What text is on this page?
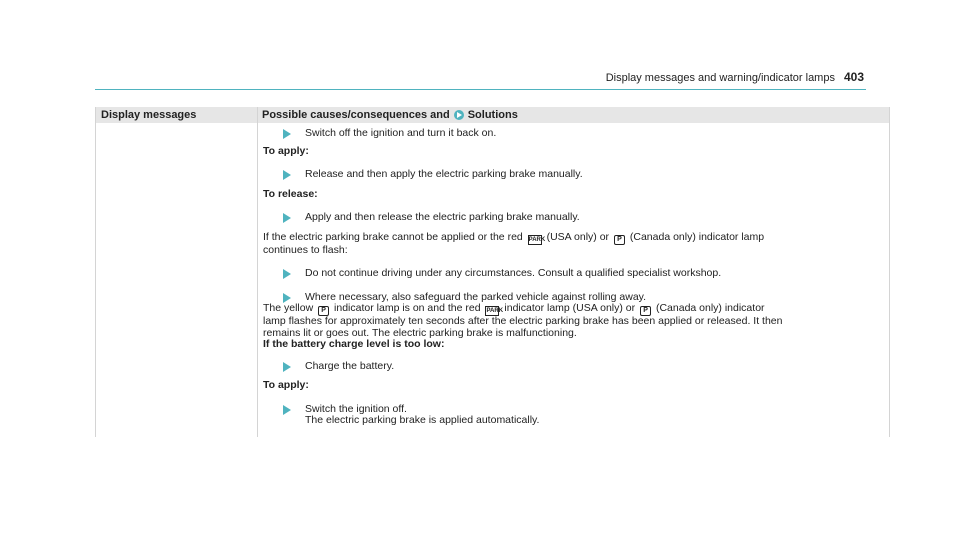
Display messages and warning/indicator lamps 403
Display messages	Possible causes/consequences and Solutions
Switch off the ignition and turn it back on.

To apply:

Release and then apply the electric parking brake manually.

To release:

Apply and then release the electric parking brake manually.

If the electric parking brake cannot be applied or the red PARK (USA only) or P (Canada only) indicator lamp
continues to flash:

Do not continue driving under any circumstances. Consult a qualified specialist workshop.
Where necessary, also safeguard the parked vehicle against rolling away.

The yellow P indicator lamp is on and the red PARK indicator lamp (USA only) or P (Canada only) indicator
lamp flashes for approximately ten seconds after the electric parking brake has been applied or released. It then
remains lit or goes out. The electric parking brake is malfunctioning.

If the battery charge level is too low:

Charge the battery.

To apply:

Switch the ignition off.
The electric parking brake is applied automatically.
